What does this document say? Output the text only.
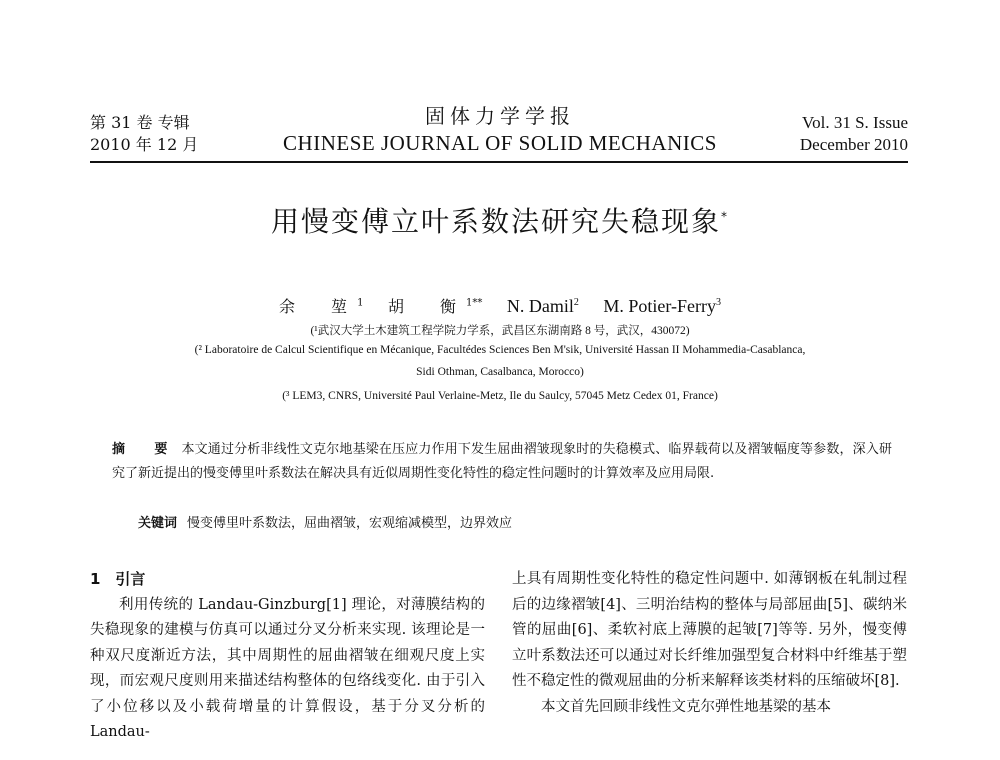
第 31 卷 专辑
2010 年 12 月
固体力学学报
CHINESE JOURNAL OF SOLID MECHANICS
Vol. 31 S. Issue
December 2010
用慢变傅立叶系数法研究失稳现象*
余　堃$^1$ 胡　衡$^{1**}$ N. Damil$^2$ M. Potier-Ferry$^3$
(¹武汉大学土木建筑工程学院力学系，武昌区东湖南路 8 号，武汉，430072)
(² Laboratoire de Calcul Scientifique en Mécanique, Facultédes Sciences Ben M'sik, Université Hassan II Mohammedia-Casablanca,
Sidi Othman, Casalbanca, Morocco)
(³ LEM3, CNRS, Université Paul Verlaine-Metz, Ile du Saulcy, 57045 Metz Cedex 01, France)
摘　要 本文通过分析非线性文克尔地基梁在压应力作用下发生屈曲褶皱现象时的失稳模式、临界载荷以及褶皱幅度等参数，深入研究了新近提出的慢变傅里叶系数法在解决具有近似周期性变化特性的稳定性问题时的计算效率及应用局限.
关键词 慢变傅里叶系数法，屈曲褶皱，宏观缩减模型，边界效应
1　引言
利用传统的 Landau-Ginzburg[1] 理论，对薄膜结构的失稳现象的建模与仿真可以通过分叉分析来实现. 该理论是一种双尺度渐近方法，其中周期性的屈曲褶皱在细观尺度上实现，而宏观尺度则用来描述结构整体的包络线变化. 由于引入了小位移以及小载荷增量的计算假设，基于分叉分析的 Landau-
上具有周期性变化特性的稳定性问题中. 如薄钢板在轧制过程后的边缘褶皱[4]、三明治结构的整体与局部屈曲[5]、碳纳米管的屈曲[6]、柔软衬底上薄膜的起皱[7]等等. 另外，慢变傅立叶系数法还可以通过对长纤维加强型复合材料中纤维基于塑性不稳定性的微观屈曲的分析来解释该类材料的压缩破坏[8].
本文首先回顾非线性文克尔弹性地基梁的基本
